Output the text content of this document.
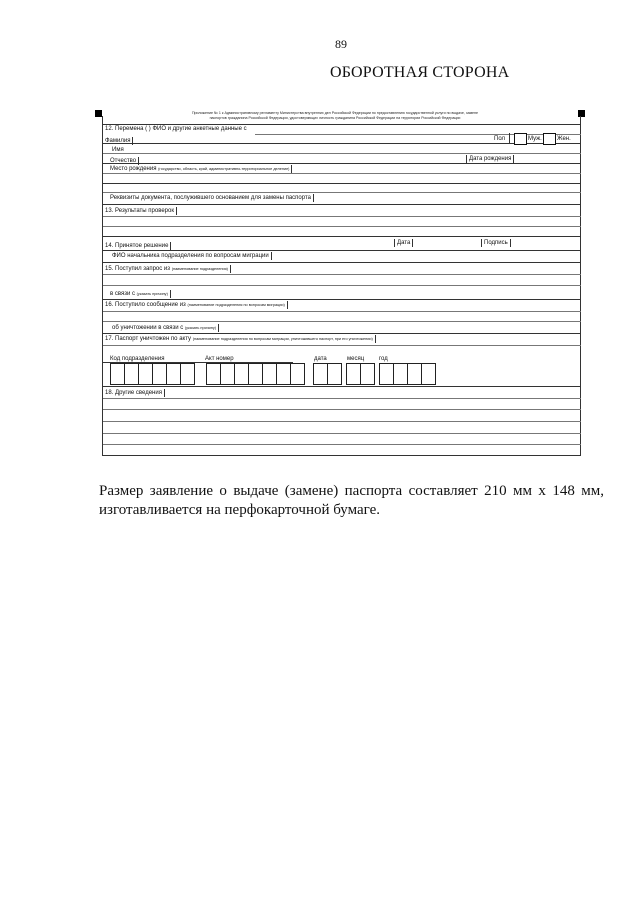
89
ОБОРОТНАЯ СТОРОНА
Приложение № 1 к Административному регламенту Министерства внутренних дел Российской Федерации по предоставлению государственной услуги по выдаче, замене
паспортов гражданина Российской Федерации, удостоверяющих личность гражданина Российской Федерации на территории Российской Федерации
12. Перемена ( ) ФИО и другие анкетные данные с
Фамилия	Пол	Муж.	Жен.
Имя
Отчество	Дата рождения
Место рождения (государство, область, край, административно-территориальное деление)
Реквизиты документа, послужившего основанием для замены паспорта
13. Результаты проверок
14. Принятое решение	Дата	Подпись
ФИО начальника подразделения по вопросам миграции
15. Поступил запрос из (наименование подразделения)
в связи с (указать причину)
16. Поступило сообщение из (наименование подразделения по вопросам миграции)
об уничтожении в связи с (указать причину)
17. Паспорт уничтожен по акту (наименование подразделения по вопросам миграции, уничтожившего паспорт, при его уничтожении)
Код подразделения	Акт номер	дата	месяц год
18. Другие сведения
Размер заявление о выдаче (замене) паспорта составляет 210 мм х 148 мм, изготавливается на перфокарточной бумаге.
